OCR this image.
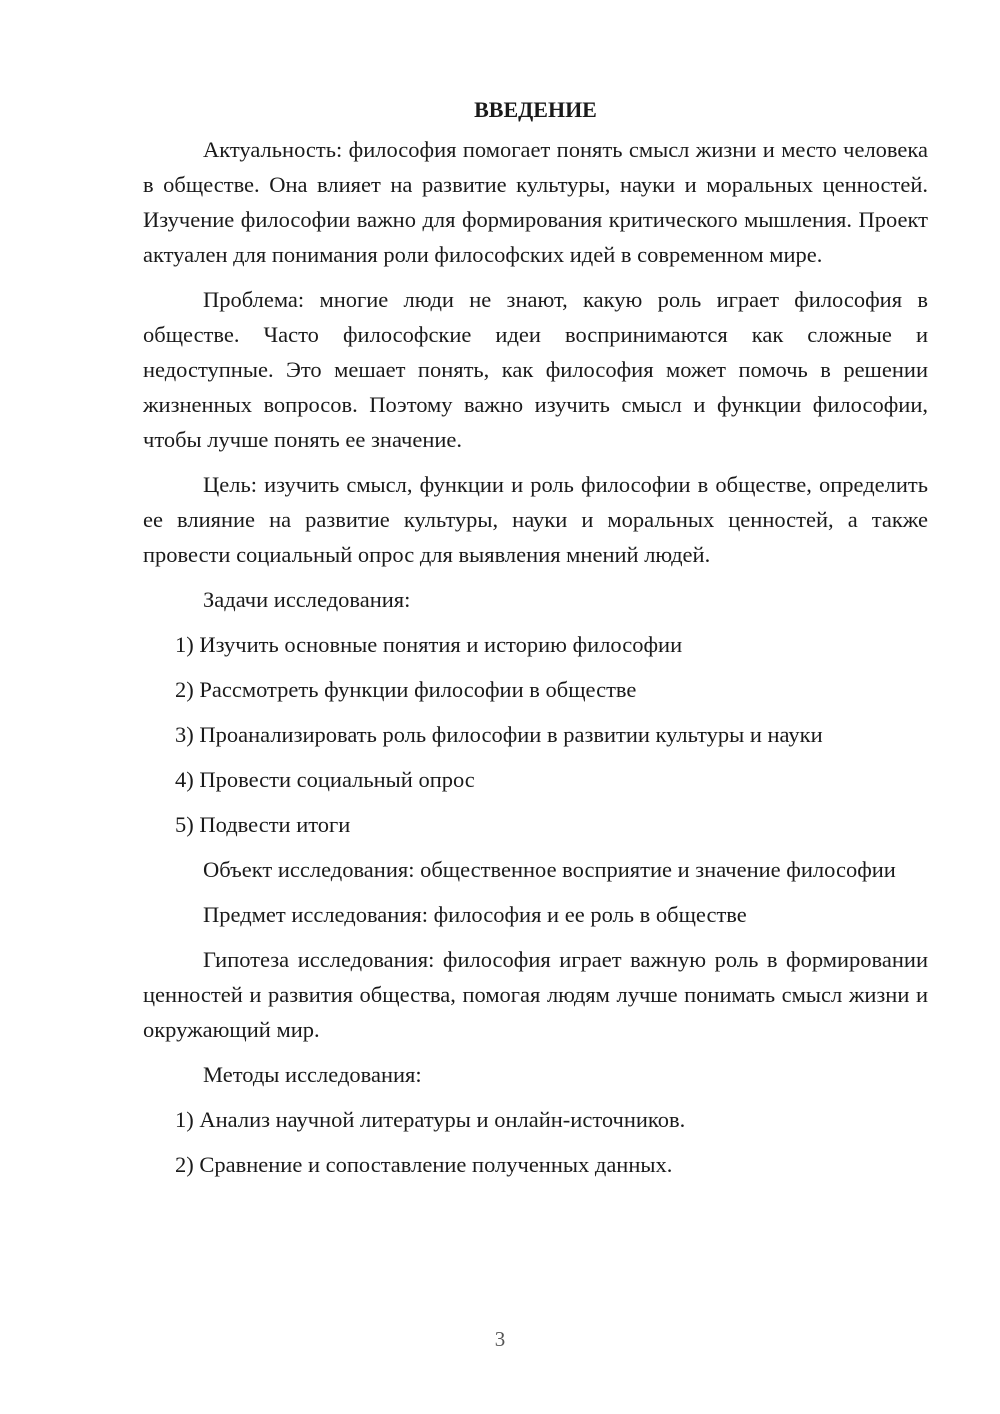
ВВЕДЕНИЕ

Актуальность: философия помогает понять смысл жизни и место человека в обществе. Она влияет на развитие культуры, науки и моральных ценностей. Изучение философии важно для формирования критического мышления. Проект актуален для понимания роли философских идей в современном мире.

Проблема: многие люди не знают, какую роль играет философия в обществе. Часто философские идеи воспринимаются как сложные и недоступные. Это мешает понять, как философия может помочь в решении жизненных вопросов. Поэтому важно изучить смысл и функции философии, чтобы лучше понять ее значение.

Цель: изучить смысл, функции и роль философии в обществе, определить ее влияние на развитие культуры, науки и моральных ценностей, а также провести социальный опрос для выявления мнений людей.

Задачи исследования:
1) Изучить основные понятия и историю философии
2) Рассмотреть функции философии в обществе
3) Проанализировать роль философии в развитии культуры и науки
4) Провести социальный опрос
5) Подвести итоги

Объект исследования: общественное восприятие и значение философии

Предмет исследования: философия и ее роль в обществе

Гипотеза исследования: философия играет важную роль в формировании ценностей и развития общества, помогая людям лучше понимать смысл жизни и окружающий мир.

Методы исследования:
1) Анализ научной литературы и онлайн-источников.
2) Сравнение и сопоставление полученных данных.
3
